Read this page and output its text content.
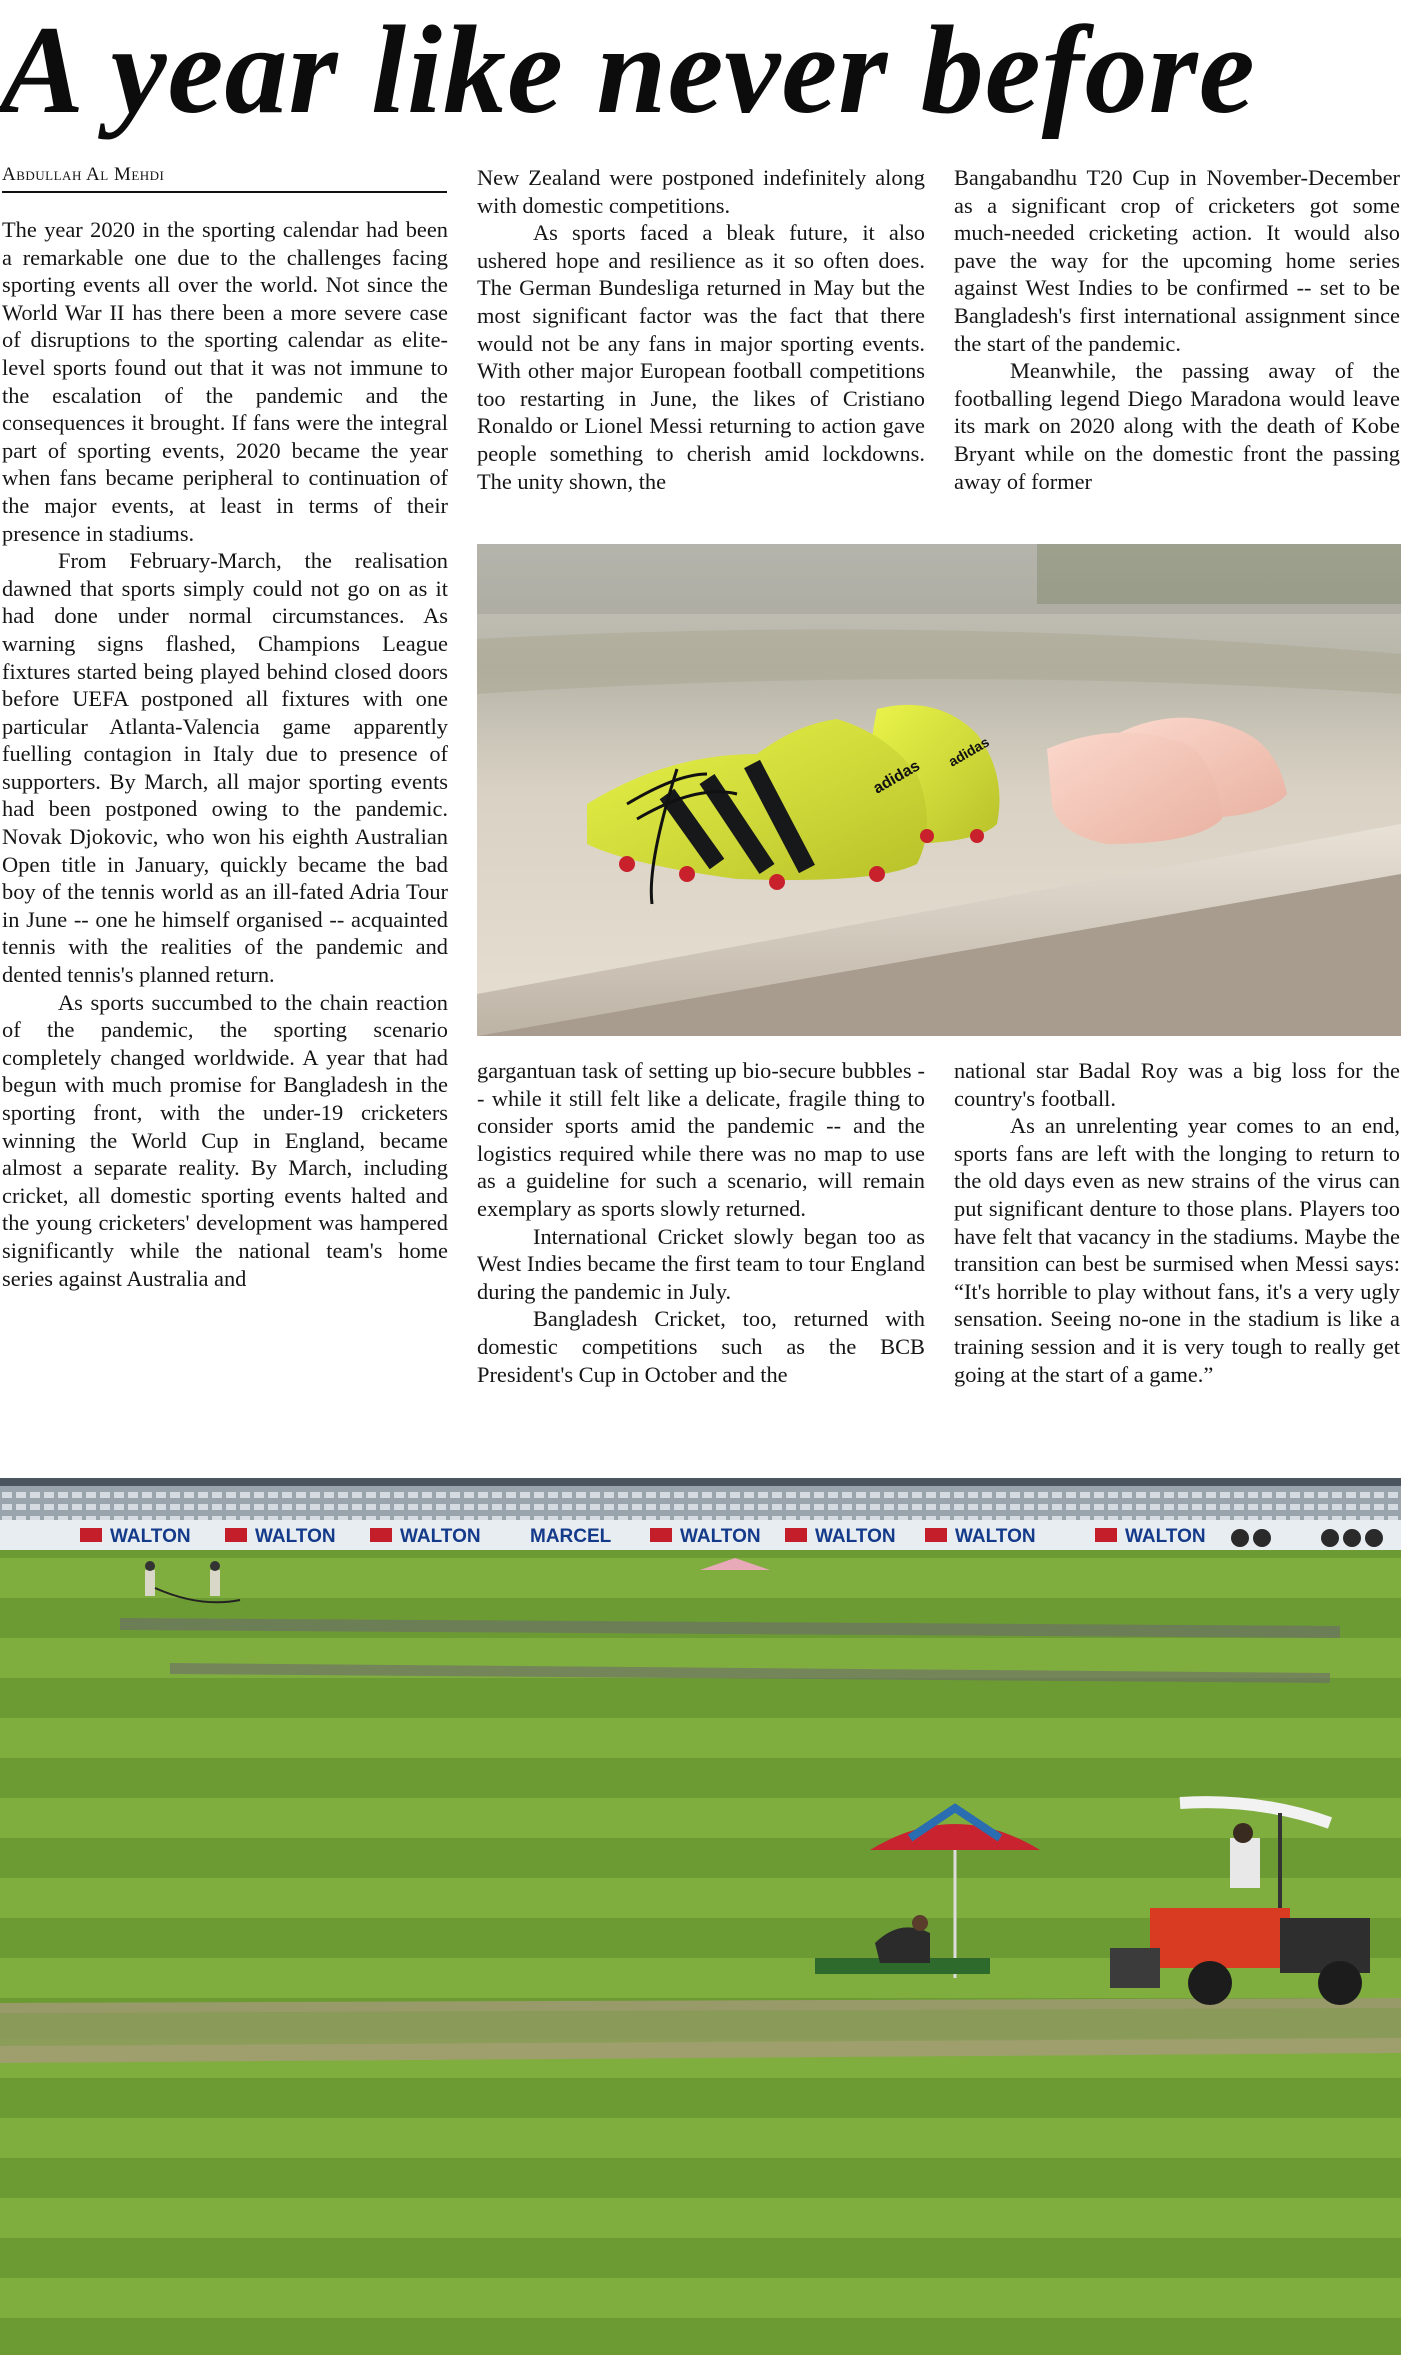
A year like never before
Abdullah Al Mehdi

The year 2020 in the sporting calendar had been a remarkable one due to the challenges facing sporting events all over the world. Not since the World War II has there been a more severe case of disruptions to the sporting calendar as elite-level sports found out that it was not immune to the escalation of the pandemic and the consequences it brought. If fans were the integral part of sporting events, 2020 became the year when fans became peripheral to continuation of the major events, at least in terms of their presence in stadiums.

From February-March, the realisation dawned that sports simply could not go on as it had done under normal circumstances. As warning signs flashed, Champions League fixtures started being played behind closed doors before UEFA postponed all fixtures with one particular Atlanta-Valencia game apparently fuelling contagion in Italy due to presence of supporters. By March, all major sporting events had been postponed owing to the pandemic. Novak Djokovic, who won his eighth Australian Open title in January, quickly became the bad boy of the tennis world as an ill-fated Adria Tour in June -- one he himself organised -- acquainted tennis with the realities of the pandemic and dented tennis's planned return.

As sports succumbed to the chain reaction of the pandemic, the sporting scenario completely changed worldwide. A year that had begun with much promise for Bangladesh in the sporting front, with the under-19 cricketers winning the World Cup in England, became almost a separate reality. By March, including cricket, all domestic sporting events halted and the young cricketers' development was hampered significantly while the national team's home series against Australia and

New Zealand were postponed indefinitely along with domestic competitions.

As sports faced a bleak future, it also ushered hope and resilience as it so often does. The German Bundesliga returned in May but the most significant factor was the fact that there would not be any fans in major sporting events. With other major European football competitions too restarting in June, the likes of Cristiano Ronaldo or Lionel Messi returning to action gave people something to cherish amid lockdowns. The unity shown, the

Bangabandhu T20 Cup in November-December as a significant crop of cricketers got some much-needed cricketing action. It would also pave the way for the upcoming home series against West Indies to be confirmed -- set to be Bangladesh's first international assignment since the start of the pandemic.

Meanwhile, the passing away of the footballing legend Diego Maradona would leave its mark on 2020 along with the death of Kobe Bryant while on the domestic front the passing away of former

adidas
adidas

gargantuan task of setting up bio-secure bubbles -- while it still felt like a delicate, fragile thing to consider sports amid the pandemic -- and the logistics required while there was no map to use as a guideline for such a scenario, will remain exemplary as sports slowly returned.

International Cricket slowly began too as West Indies became the first team to tour England during the pandemic in July.

Bangladesh Cricket, too, returned with domestic competitions such as the BCB President's Cup in October and the

national star Badal Roy was a big loss for the country's football.

As an unrelenting year comes to an end, sports fans are left with the longing to return to the old days even as new strains of the virus can put significant denture to those plans. Players too have felt that vacancy in the stadiums. Maybe the transition can best be surmised when Messi says: “It's horrible to play without fans, it's a very ugly sensation. Seeing no-one in the stadium is like a training session and it is very tough to really get going at the start of a game.”

WALTON	WALTON	WALTON	MARCEL	WALTON	WALTON	WALTON	WALTON
